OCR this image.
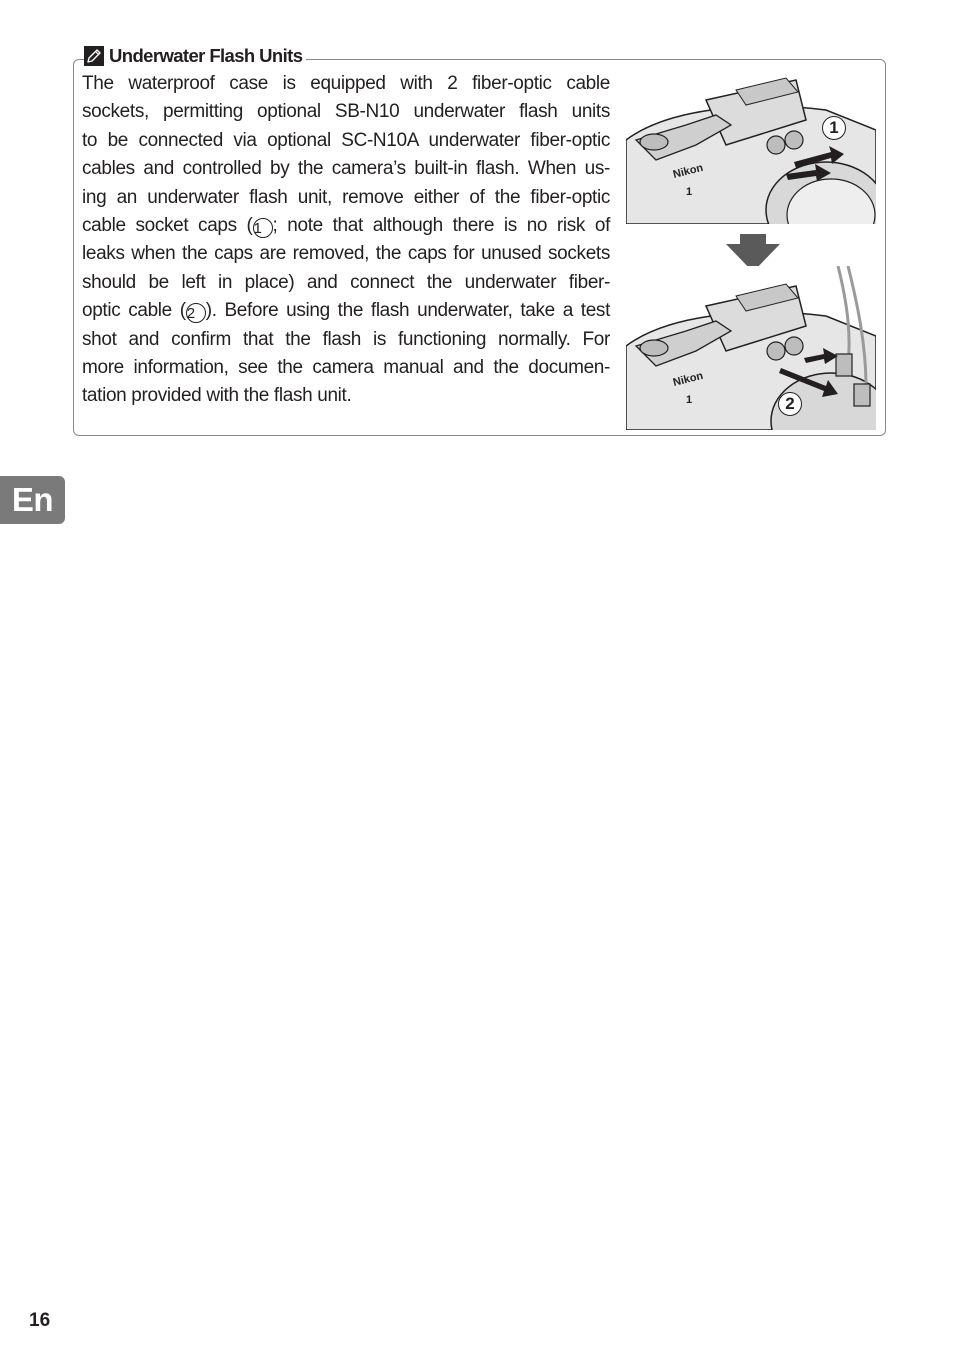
Underwater Flash Units
The waterproof case is equipped with 2 fiber-optic cable
sockets, permitting optional SB-N10 underwater flash units
to be connected via optional SC-N10A underwater fiber-optic
cables and controlled by the camera’s built-in flash. When us-
ing an underwater flash unit, remove either of the fiber-optic
cable socket caps (1 ; note that although there is no risk of
leaks when the caps are removed, the caps for unused sockets
should be left in place) and connect the underwater fiber-
optic cable (2 ). Before using the flash underwater, take a test
shot and confirm that the flash is functioning normally. For
more information, see the camera manual and the documen-
tation provided with the flash unit.
Nikon
1
1
Nikon
1	2
En
16
